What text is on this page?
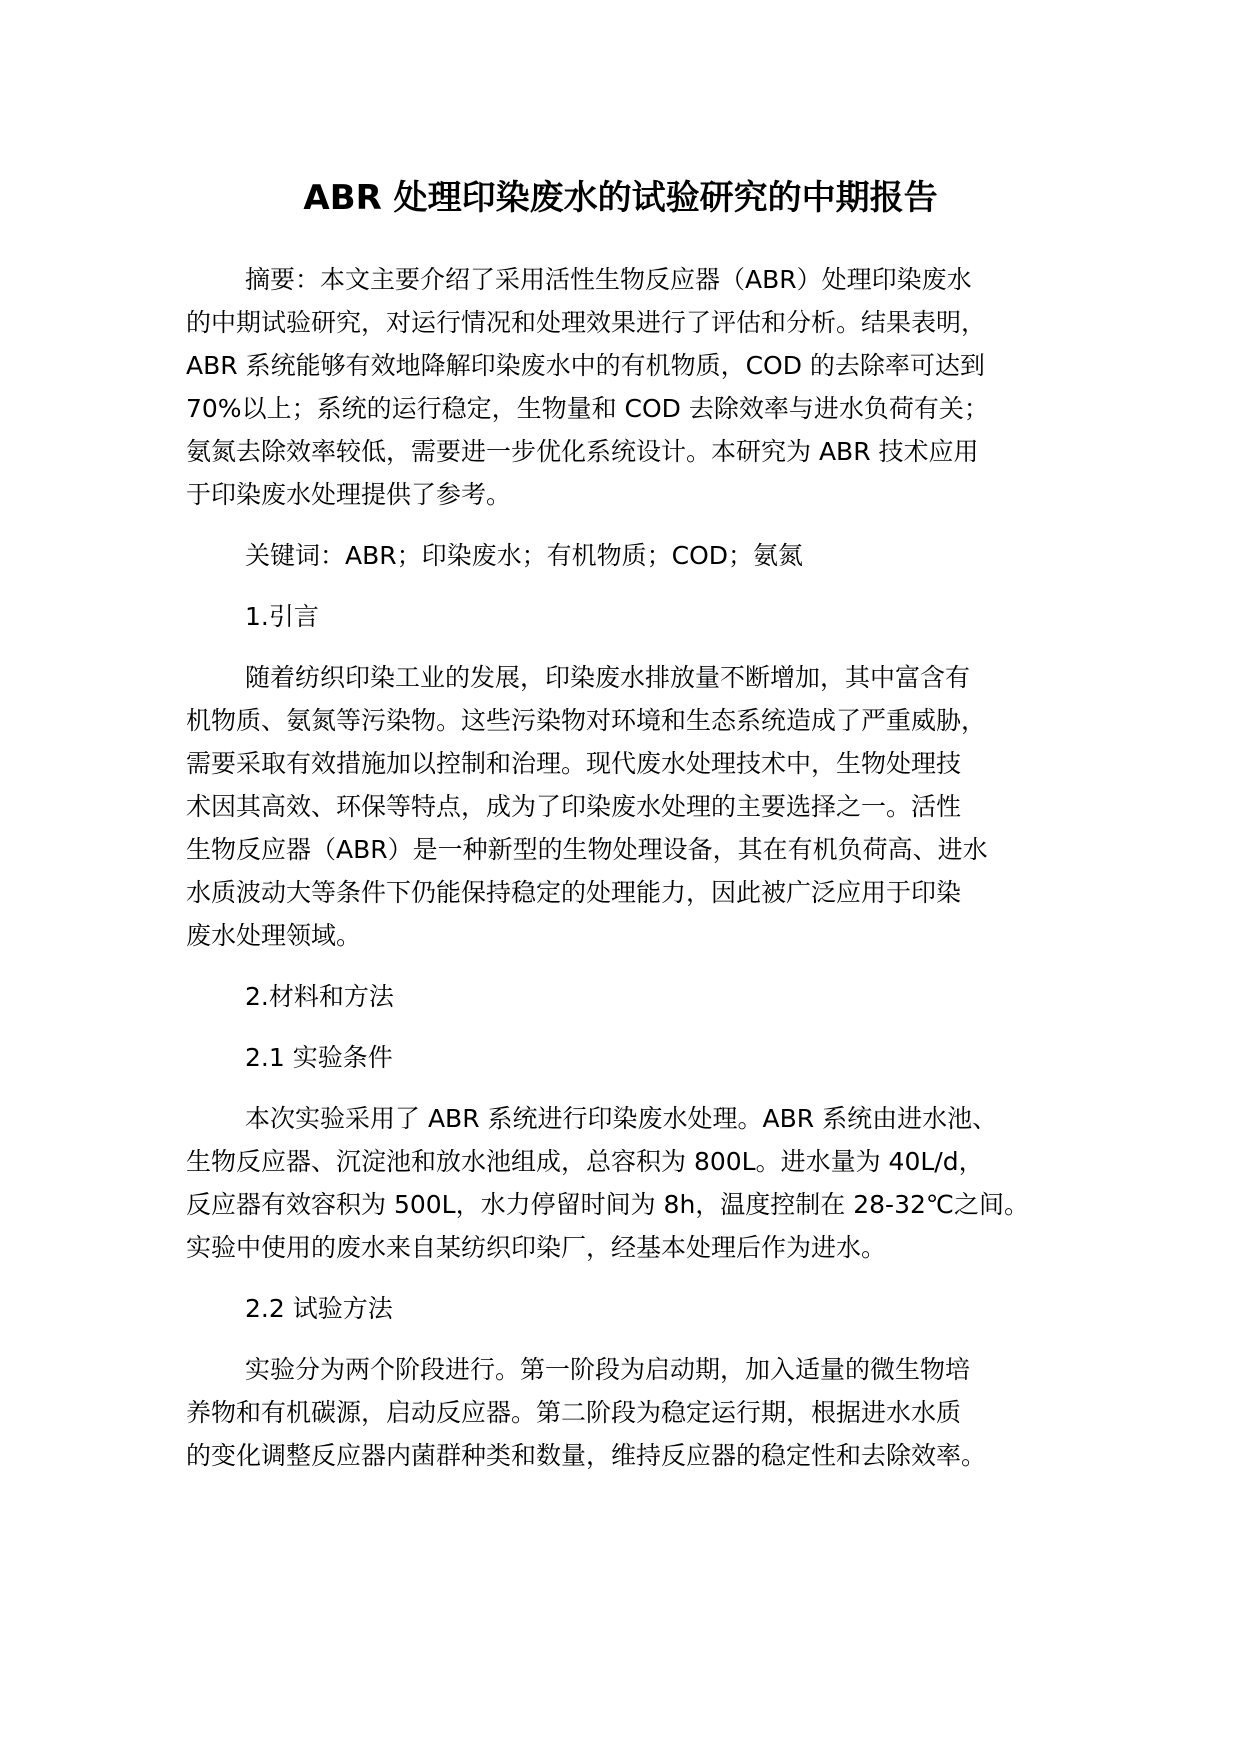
ABR 处理印染废水的试验研究的中期报告
摘要：本文主要介绍了采用活性生物反应器（ABR）处理印染废水
的中期试验研究，对运行情况和处理效果进行了评估和分析。结果表明，
ABR 系统能够有效地降解印染废水中的有机物质，COD 的去除率可达到
70%以上；系统的运行稳定，生物量和 COD 去除效率与进水负荷有关；
氨氮去除效率较低，需要进一步优化系统设计。本研究为 ABR 技术应用
于印染废水处理提供了参考。
关键词：ABR；印染废水；有机物质；COD；氨氮
1.引言
随着纺织印染工业的发展，印染废水排放量不断增加，其中富含有
机物质、氨氮等污染物。这些污染物对环境和生态系统造成了严重威胁，
需要采取有效措施加以控制和治理。现代废水处理技术中，生物处理技
术因其高效、环保等特点，成为了印染废水处理的主要选择之一。活性
生物反应器（ABR）是一种新型的生物处理设备，其在有机负荷高、进水
水质波动大等条件下仍能保持稳定的处理能力，因此被广泛应用于印染
废水处理领域。
2.材料和方法
2.1 实验条件
本次实验采用了 ABR 系统进行印染废水处理。ABR 系统由进水池、
生物反应器、沉淀池和放水池组成，总容积为 800L。进水量为 40L/d，
反应器有效容积为 500L，水力停留时间为 8h，温度控制在 28-32℃之间。
实验中使用的废水来自某纺织印染厂，经基本处理后作为进水。
2.2 试验方法
实验分为两个阶段进行。第一阶段为启动期，加入适量的微生物培
养物和有机碳源，启动反应器。第二阶段为稳定运行期，根据进水水质
的变化调整反应器内菌群种类和数量，维持反应器的稳定性和去除效率。
